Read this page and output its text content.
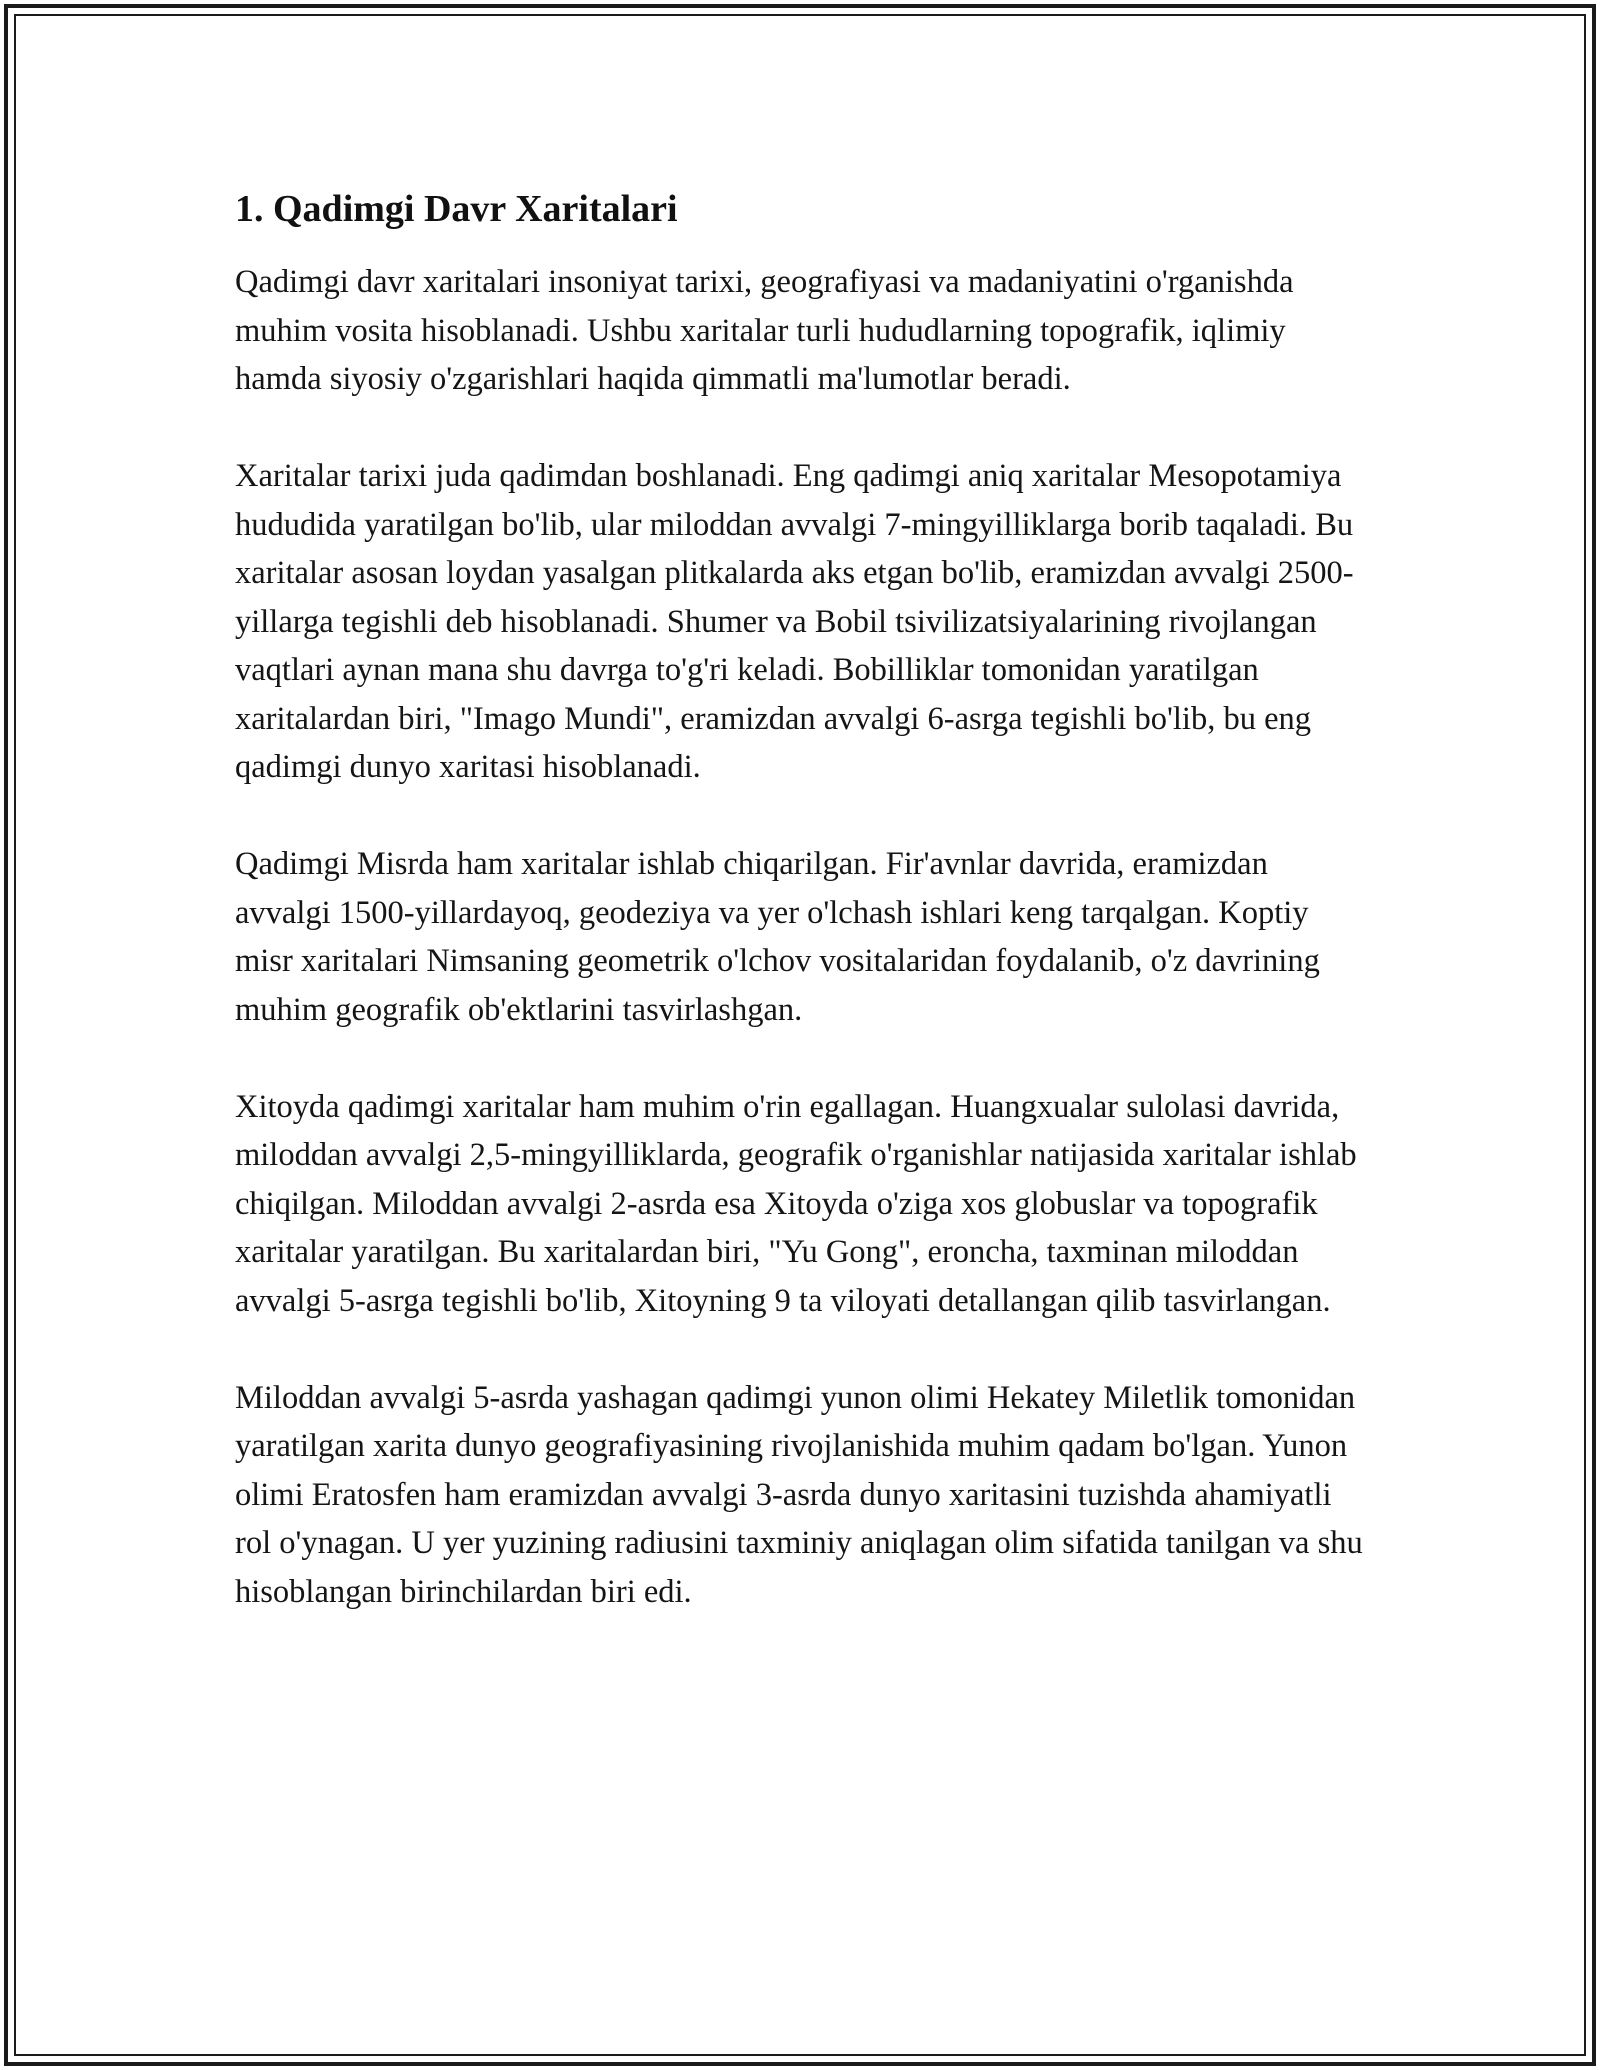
1. Qadimgi Davr Xaritalari

Qadimgi davr xaritalari insoniyat tarixi, geografiyasi va madaniyatini o'rganishda muhim vosita hisoblanadi. Ushbu xaritalar turli hududlarning topografik, iqlimiy hamda siyosiy o'zgarishlari haqida qimmatli ma'lumotlar beradi.

Xaritalar tarixi juda qadimdan boshlanadi. Eng qadimgi aniq xaritalar Mesopotamiya hududida yaratilgan bo'lib, ular miloddan avvalgi 7-mingyilliklarga borib taqaladi. Bu xaritalar asosan loydan yasalgan plitkalarda aks etgan bo'lib, eramizdan avvalgi 2500-yillarga tegishli deb hisoblanadi. Shumer va Bobil tsivilizatsiyalarining rivojlangan vaqtlari aynan mana shu davrga to'g'ri keladi. Bobilliklar tomonidan yaratilgan xaritalardan biri, "Imago Mundi", eramizdan avvalgi 6-asrga tegishli bo'lib, bu eng qadimgi dunyo xaritasi hisoblanadi.

Qadimgi Misrda ham xaritalar ishlab chiqarilgan. Fir'avnlar davrida, eramizdan avvalgi 1500-yillardayoq, geodeziya va yer o'lchash ishlari keng tarqalgan. Koptiy misr xaritalari Nimsaning geometrik o'lchov vositalaridan foydalanib, o'z davrining muhim geografik ob'ektlarini tasvirlashgan.

Xitoyda qadimgi xaritalar ham muhim o'rin egallagan. Huangxualar sulolasi davrida, miloddan avvalgi 2,5-mingyilliklarda, geografik o'rganishlar natijasida xaritalar ishlab chiqilgan. Miloddan avvalgi 2-asrda esa Xitoyda o'ziga xos globuslar va topografik xaritalar yaratilgan. Bu xaritalardan biri, "Yu Gong", eroncha, taxminan miloddan avvalgi 5-asrga tegishli bo'lib, Xitoyning 9 ta viloyati detallangan qilib tasvirlangan.

Miloddan avvalgi 5-asrda yashagan qadimgi yunon olimi Hekatey Miletlik tomonidan yaratilgan xarita dunyo geografiyasining rivojlanishida muhim qadam bo'lgan. Yunon olimi Eratosfen ham eramizdan avvalgi 3-asrda dunyo xaritasini tuzishda ahamiyatli rol o'ynagan. U yer yuzining radiusini taxminiy aniqlagan olim sifatida tanilgan va shu hisoblangan birinchilardan biri edi.
